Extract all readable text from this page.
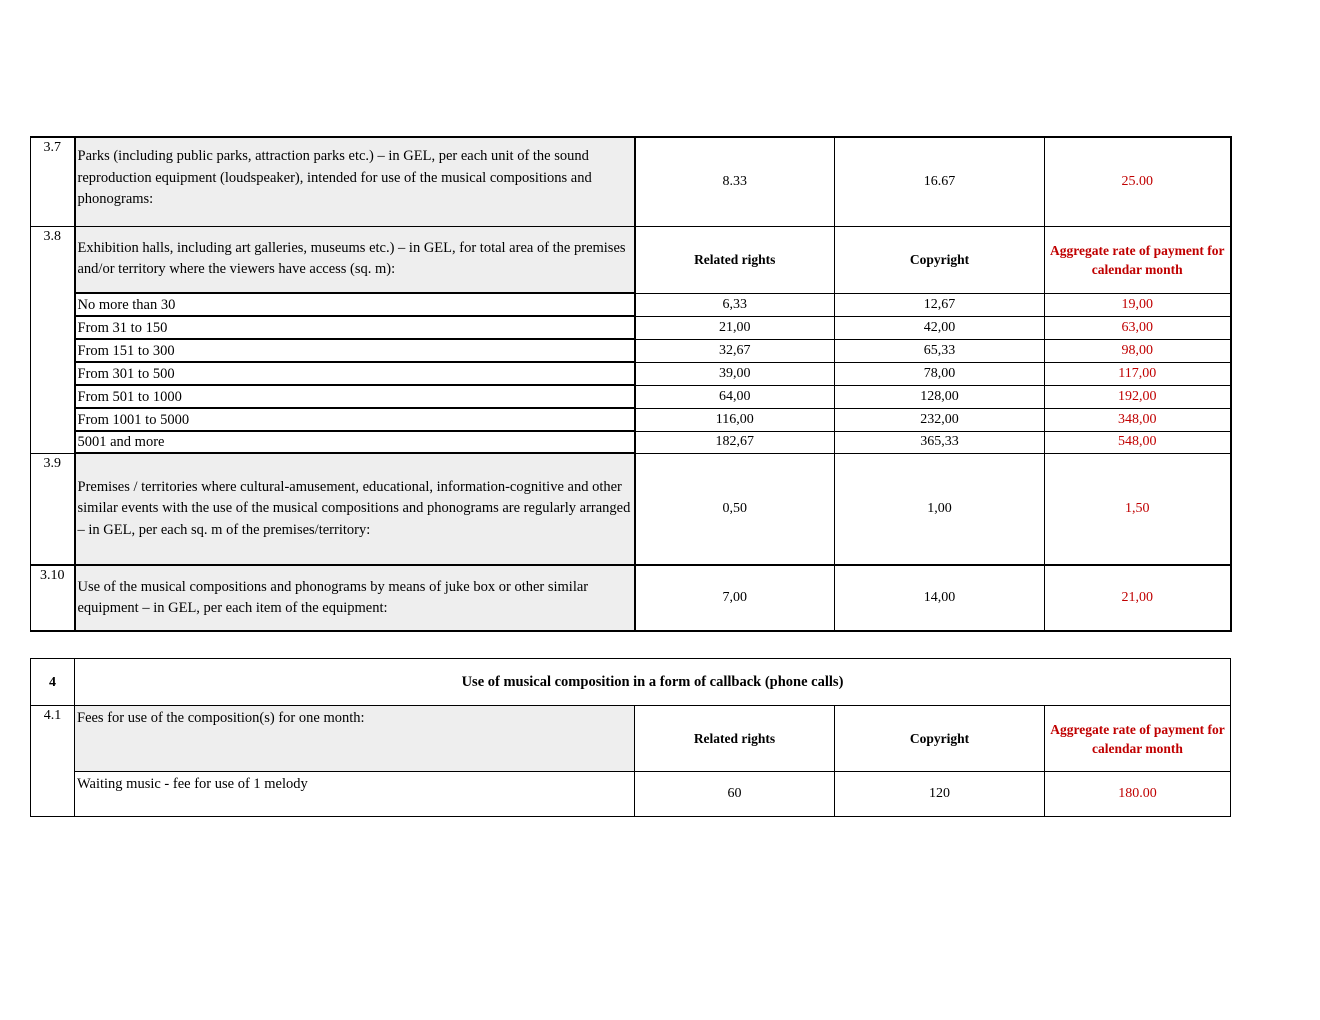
3.7	Parks (including public parks, attraction parks etc.) – in GEL, per each unit of the sound reproduction equipment (loudspeaker), intended for use of the musical compositions and phonograms:	8.33	16.67	25.00
3.8	Exhibition halls, including art galleries, museums etc.) – in GEL, for total area of the premises and/or territory where the viewers have access (sq. m):	Related rights	Copyright	Aggregate rate of payment for calendar month
	No more than 30	6,33	12,67	19,00
	From 31 to 150	21,00	42,00	63,00
	From 151 to 300	32,67	65,33	98,00
	From 301 to 500	39,00	78,00	117,00
	From 501 to 1000	64,00	128,00	192,00
	From 1001 to 5000	116,00	232,00	348,00
	5001 and more	182,67	365,33	548,00
3.9	Premises / territories where cultural-amusement, educational, information-cognitive and other similar events with the use of the musical compositions and phonograms are regularly arranged – in GEL, per each sq. m of the premises/territory:	0,50	1,00	1,50
3.10	Use of the musical compositions and phonograms by means of juke box or other similar equipment – in GEL, per each item of the equipment:	7,00	14,00	21,00
4	Use of musical composition in a form of callback (phone calls)			
4.1	Fees for use of the composition(s) for one month:	Related rights	Copyright	Aggregate rate of payment for calendar month
	Waiting music - fee for use of 1 melody	60	120	180.00
